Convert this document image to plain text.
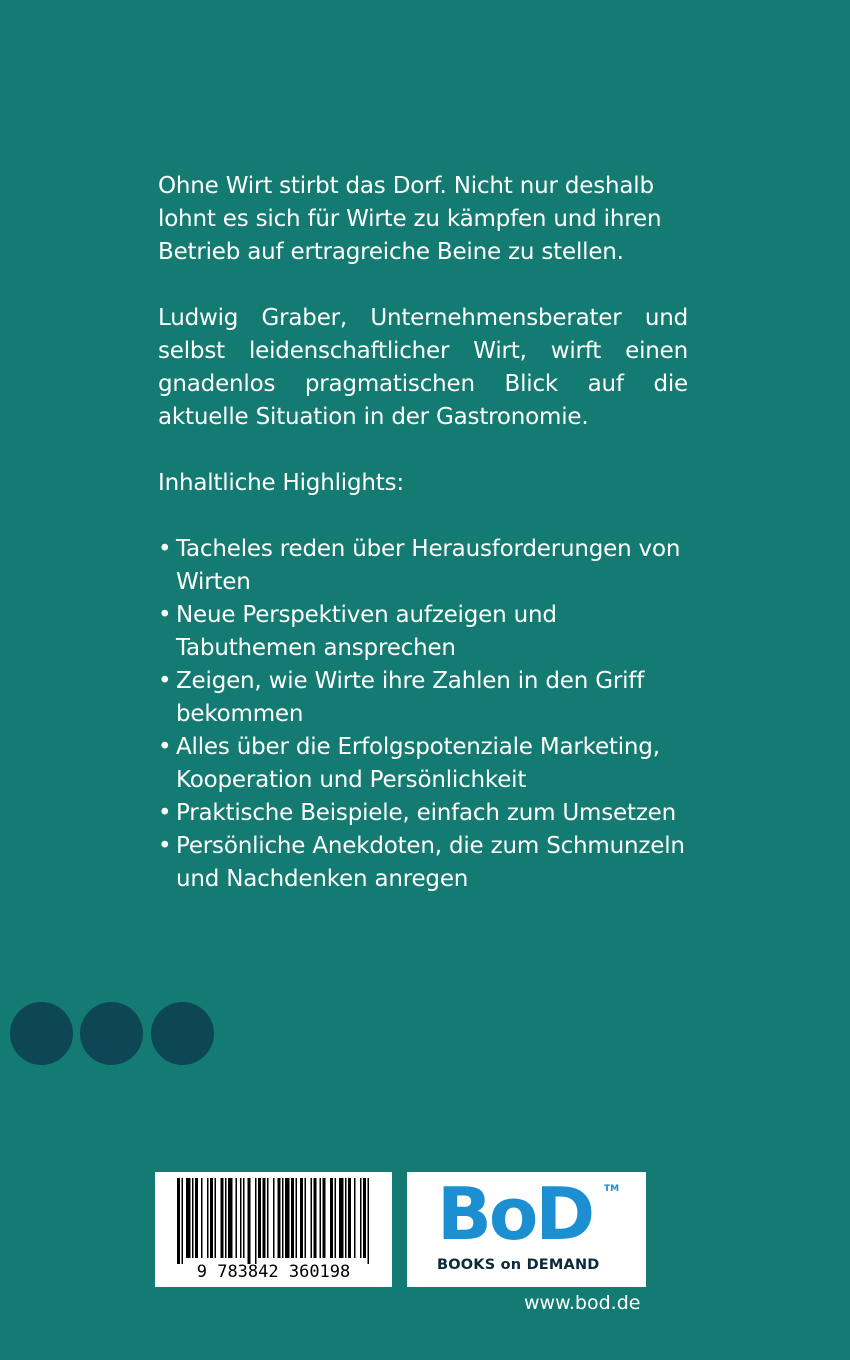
Ohne Wirt stirbt das Dorf. Nicht nur deshalb lohnt es sich für Wirte zu kämpfen und ihren Betrieb auf ertragreiche Beine zu stellen.

Ludwig Graber, Unternehmensberater und selbst leidenschaftlicher Wirt, wirft einen gnadenlos pragmatischen Blick auf die aktuelle Situation in der Gastronomie.

Inhaltliche Highlights:

• Tacheles reden über Herausforderungen von Wirten
• Neue Perspektiven aufzeigen und Tabuthemen ansprechen
• Zeigen, wie Wirte ihre Zahlen in den Griff bekommen
• Alles über die Erfolgspotenziale Marketing, Kooperation und Persönlichkeit
• Praktische Beispiele, einfach zum Umsetzen
• Persönliche Anekdoten, die zum Schmunzeln und Nachdenken anregen
9 783842 360198
BoD TM
BOOKS on DEMAND
www.bod.de
